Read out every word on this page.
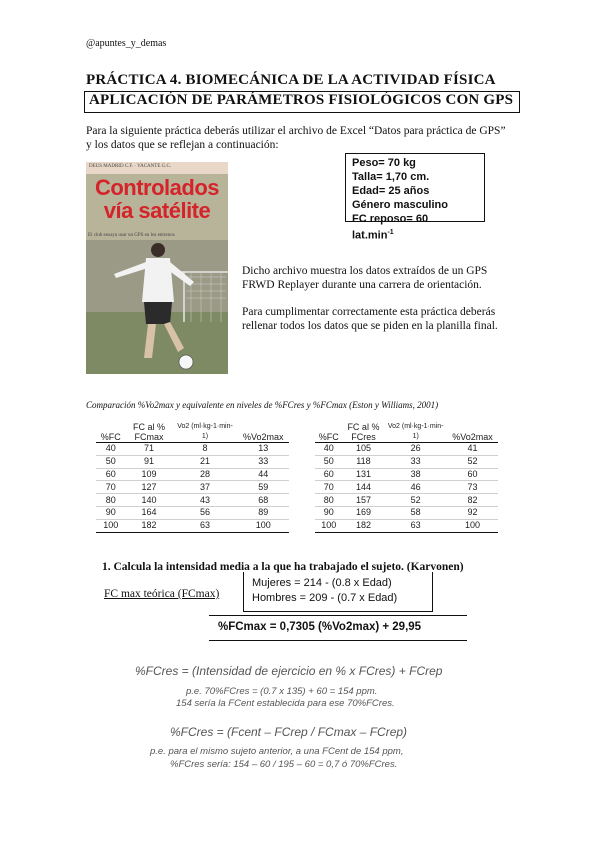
@apuntes_y_demas
PRÁCTICA 4. BIOMECÁNICA DE LA ACTIVIDAD FÍSICA
APLICACIÓN DE PARÁMETROS FISIOLÓGICOS CON GPS
Para la siguiente práctica deberás utilizar el archivo de Excel “Datos para práctica de GPS” y los datos que se reflejan a continuación:
DEUS MADRID C.F. · VACANTE G.C.
Controlados
vía satélite
El club ensaya usar un GPS en los entrenos
Peso= 70 kg
Talla= 1,70 cm.
Edad= 25 años
Género masculino
FC reposo= 60
$lat.\min^{-1}$
Dicho archivo muestra los datos extraídos de un GPS FRWD Replayer durante una carrera de orientación.
Para cumplimentar correctamente esta práctica deberás rellenar todos los datos que se piden en la planilla final.
Comparación %Vo2max y equivalente en niveles de %FCres y %FCmax (Eston y Williams, 2001)
%FC	FC al % FCmax	Vo2 (ml·kg-1·min-1)	%Vo2max
40	71	8	13
50	91	21	33
60	109	28	44
70	127	37	59
80	140	43	68
90	164	56	89
100	182	63	100
%FC	FC al % FCres	Vo2 (ml·kg-1·min-1)	%Vo2max
40	105	26	41
50	118	33	52
60	131	38	60
70	144	46	73
80	157	52	82
90	169	58	92
100	182	63	100
1. Calcula la intensidad media a la que ha trabajado el sujeto. (Karvonen)
FC max teórica (FCmax)
Mujeres = 214 - (0.8 x Edad)
Hombres = 209 - (0.7 x Edad)
%FCmax = 0,7305 (%Vo2max) + 29,95
%FCres = (Intensidad de ejercicio en % x FCres) + FCrep
p.e. 70%FCres = (0.7 x 135) + 60 = 154 ppm.
154 sería la FCent establecida para ese 70%FCres.
%FCres = (Fcent – FCrep / FCmax – FCrep)
p.e. para el mismo sujeto anterior, a una FCent de 154 ppm,
%FCres sería: 154 – 60 / 195 – 60 = 0,7 ó 70%FCres.
